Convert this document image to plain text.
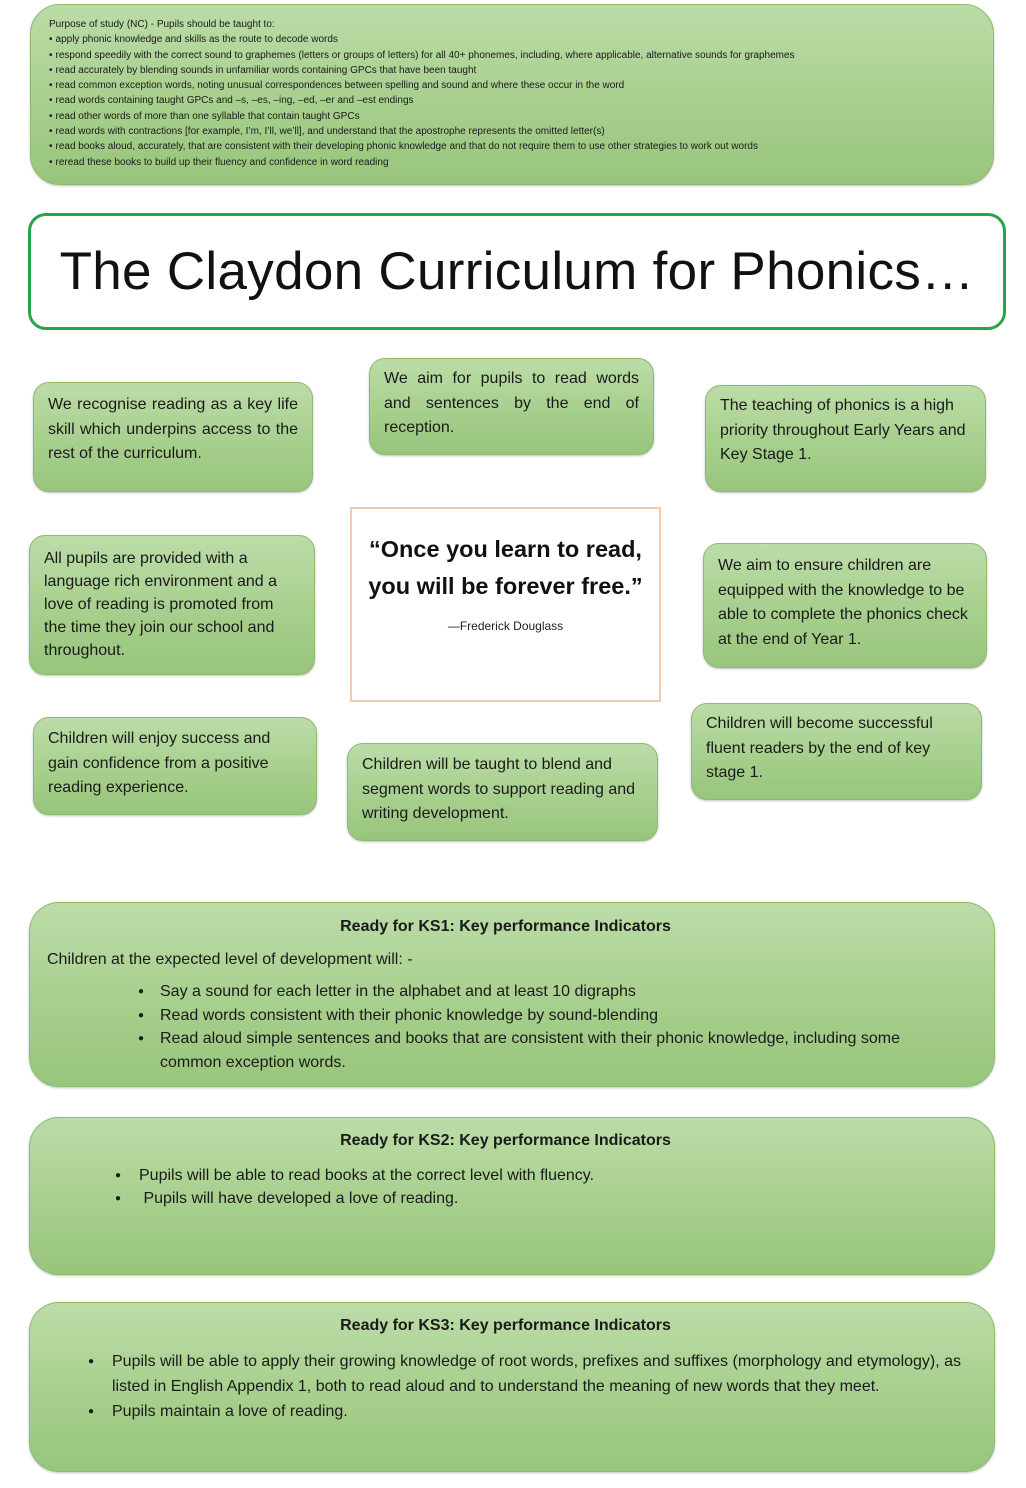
Purpose of study (NC) - Pupils should be taught to:
• apply phonic knowledge and skills as the route to decode words
• respond speedily with the correct sound to graphemes (letters or groups of letters) for all 40+ phonemes, including, where applicable, alternative sounds for graphemes
• read accurately by blending sounds in unfamiliar words containing GPCs that have been taught
• read common exception words, noting unusual correspondences between spelling and sound and where these occur in the word
• read words containing taught GPCs and –s, –es, –ing, –ed, –er and –est endings
• read other words of more than one syllable that contain taught GPCs
• read words with contractions [for example, I’m, I’ll, we’ll], and understand that the apostrophe represents the omitted letter(s)
• read books aloud, accurately, that are consistent with their developing phonic knowledge and that do not require them to use other strategies to work out words
• reread these books to build up their fluency and confidence in word reading
The Claydon Curriculum for Phonics…
We recognise reading as a key life skill which underpins access to the rest of the curriculum.
We aim for pupils to read words and sentences by the end of reception.
The teaching of phonics is a high priority throughout Early Years and Key Stage 1.
All pupils are provided with a language rich environment and a love of reading is promoted from the time they join our school and throughout.
We aim to ensure children are equipped with the knowledge to be able to complete the phonics check at the end of Year 1.
Children will enjoy success and gain confidence from a positive reading experience.
Children will be taught to blend and segment words to support reading and writing development.
Children will become successful fluent readers by the end of key stage 1.
“Once you learn to read, you will be forever free.”
—Frederick Douglass
Ready for KS1: Key performance Indicators
Children at the expected level of development will: -
● Say a sound for each letter in the alphabet and at least 10 digraphs
● Read words consistent with their phonic knowledge by sound-blending
● Read aloud simple sentences and books that are consistent with their phonic knowledge, including some common exception words.
Ready for KS2: Key performance Indicators
● Pupils will be able to read books at the correct level with fluency.
●  Pupils will have developed a love of reading.
Ready for KS3: Key performance Indicators
● Pupils will be able to apply their growing knowledge of root words, prefixes and suffixes (morphology and etymology), as listed in English Appendix 1, both to read aloud and to understand the meaning of new words that they meet.
● Pupils maintain a love of reading.
